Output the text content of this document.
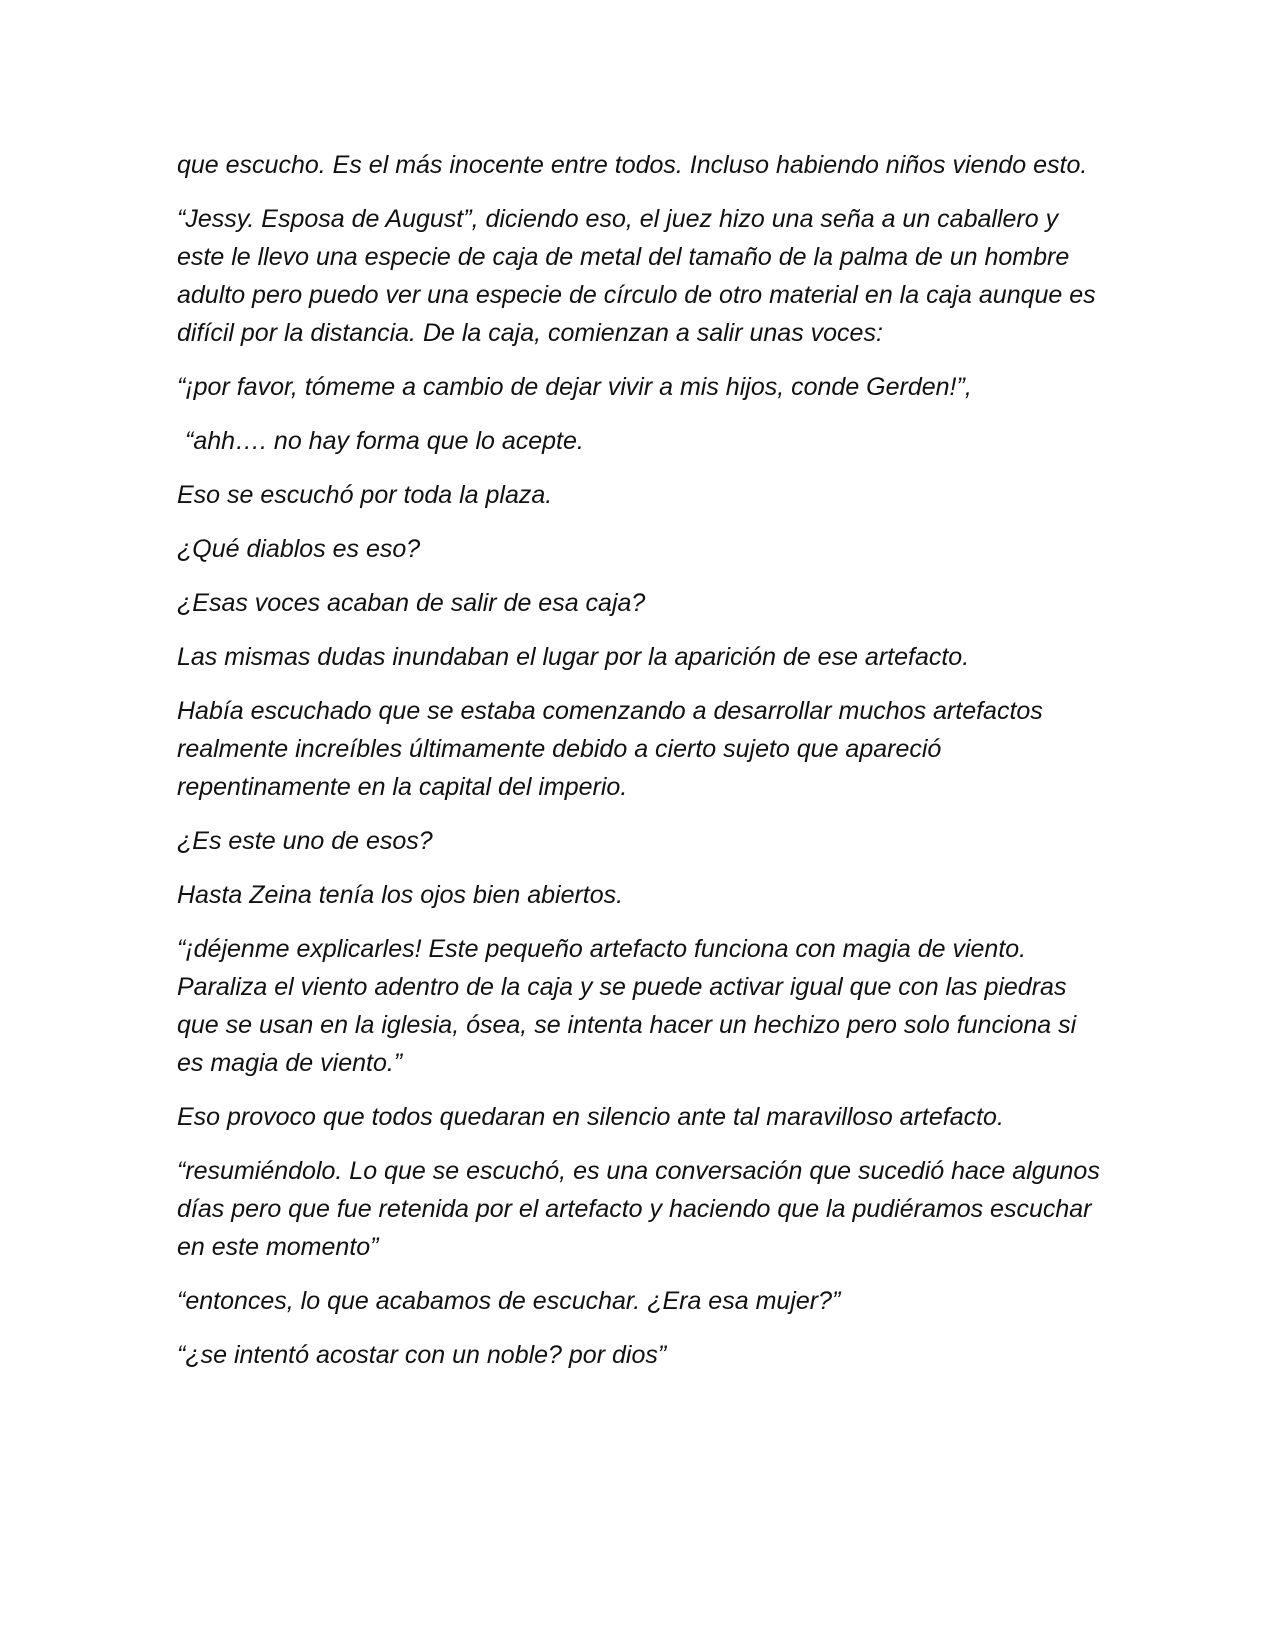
que escucho. Es el más inocente entre todos. Incluso habiendo niños viendo esto.

“Jessy. Esposa de August”, diciendo eso, el juez hizo una seña a un caballero y este le llevo una especie de caja de metal del tamaño de la palma de un hombre adulto pero puedo ver una especie de círculo de otro material en la caja aunque es difícil por la distancia. De la caja, comienzan a salir unas voces:

“¡por favor, tómeme a cambio de dejar vivir a mis hijos, conde Gerden!”,

“ahh…. no hay forma que lo acepte.

Eso se escuchó por toda la plaza.

¿Qué diablos es eso?

¿Esas voces acaban de salir de esa caja?

Las mismas dudas inundaban el lugar por la aparición de ese artefacto.

Había escuchado que se estaba comenzando a desarrollar muchos artefactos realmente increíbles últimamente debido a cierto sujeto que apareció repentinamente en la capital del imperio.

¿Es este uno de esos?

Hasta Zeina tenía los ojos bien abiertos.

“¡déjenme explicarles! Este pequeño artefacto funciona con magia de viento. Paraliza el viento adentro de la caja y se puede activar igual que con las piedras que se usan en la iglesia, ósea, se intenta hacer un hechizo pero solo funciona si es magia de viento.”

Eso provoco que todos quedaran en silencio ante tal maravilloso artefacto.

“resumiéndolo. Lo que se escuchó, es una conversación que sucedió hace algunos días pero que fue retenida por el artefacto y haciendo que la pudiéramos escuchar en este momento”

“entonces, lo que acabamos de escuchar. ¿Era esa mujer?”

“¿se intentó acostar con un noble? por dios”
